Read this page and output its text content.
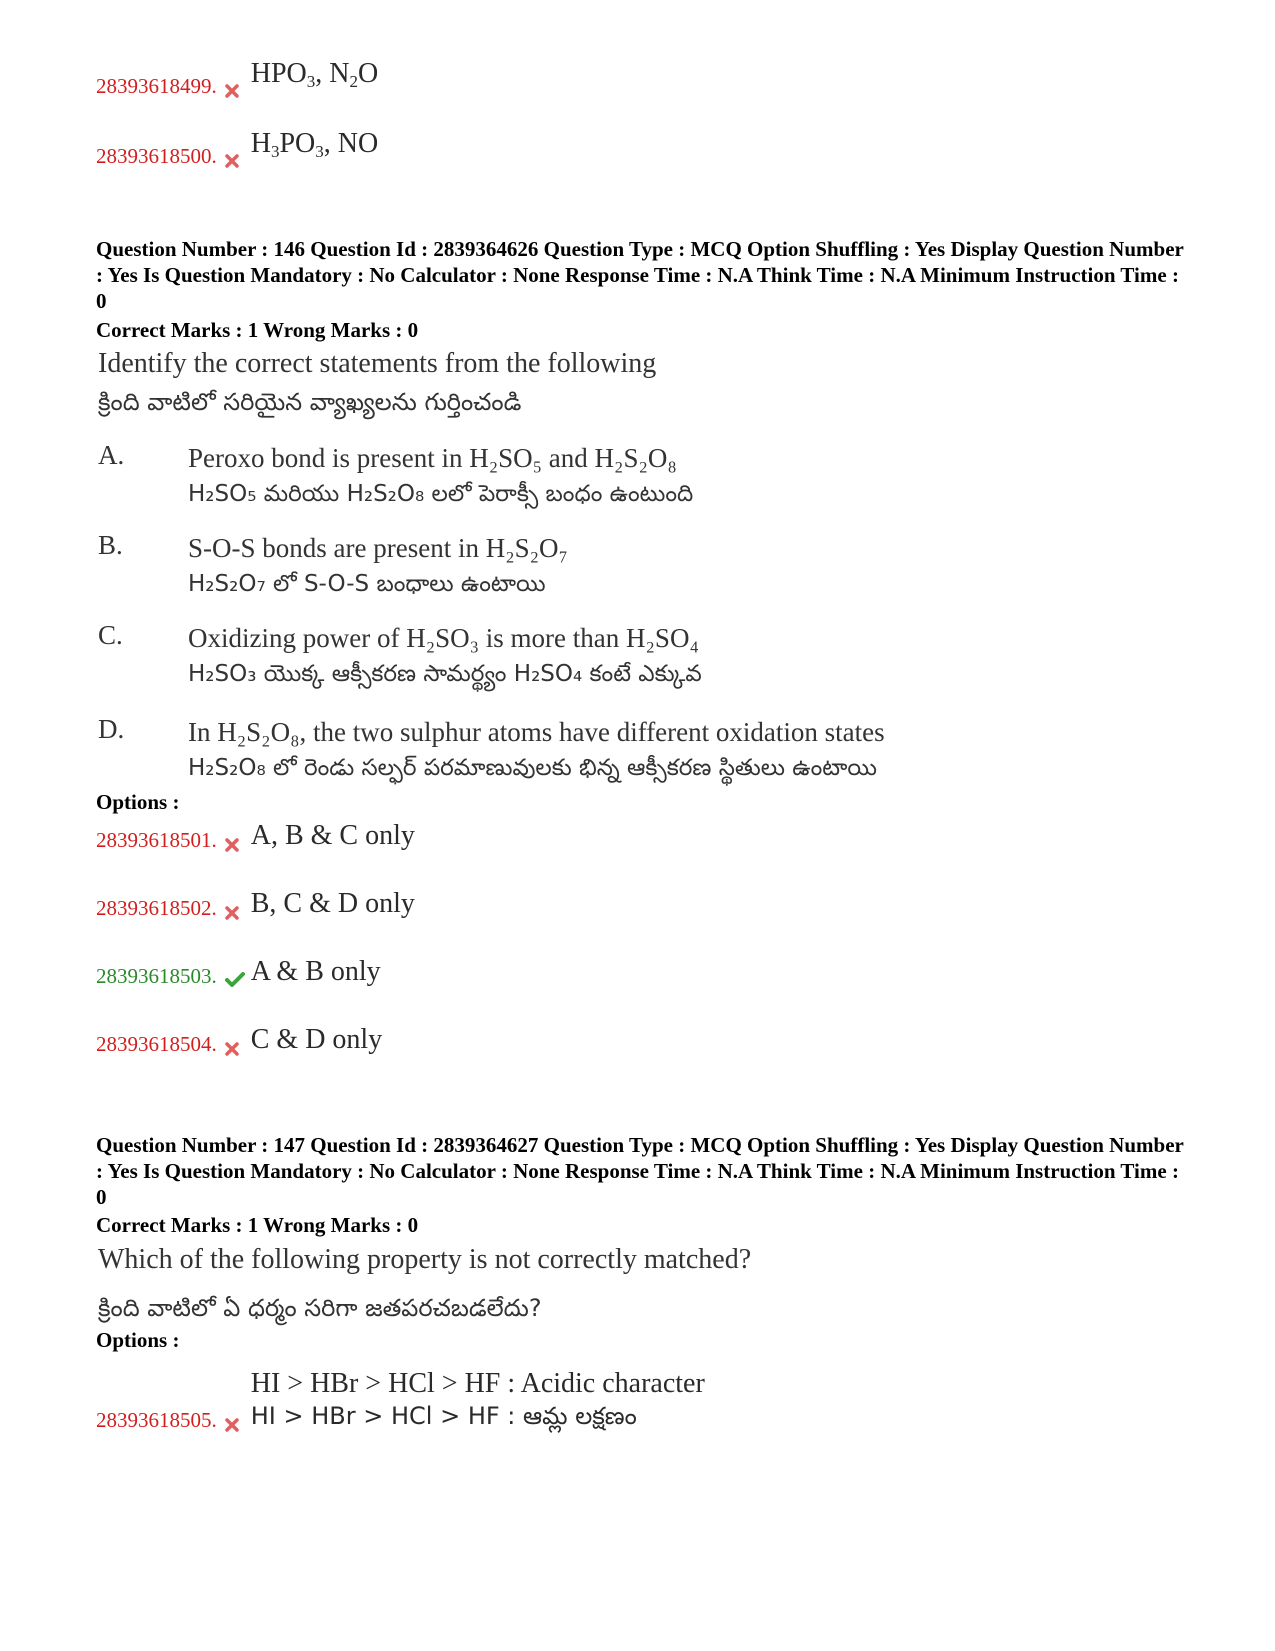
28393618499. $HPO_3$, $N_2O$
28393618500. $H_3PO_3$, NO
Question Number : 146 Question Id : 2839364626 Question Type : MCQ Option Shuffling : Yes Display Question Number : Yes Is Question Mandatory : No Calculator : None Response Time : N.A Think Time : N.A Minimum Instruction Time : 0
Correct Marks : 1 Wrong Marks : 0
Identify the correct statements from the following
క్రింది వాటిలో సరియైన వ్యాఖ్యలను గుర్తించండి
A. Peroxo bond is present in H₂SO₅ and H₂S₂O₈
H₂SO₅ మరియు H₂S₂O₈ లలో పెరాక్సీ బంధం ఉంటుంది
B. S-O-S bonds are present in H₂S₂O₇
H₂S₂O₇ లో S-O-S బంధాలు ఉంటాయి
C. Oxidizing power of H₂SO₃ is more than H₂SO₄
H₂SO₃ యొక్క ఆక్సీకరణ సామర్థ్యం H₂SO₄ కంటే ఎక్కువ
D. In H₂S₂O₈, the two sulphur atoms have different oxidation states
H₂S₂O₈ లో రెండు సల్ఫర్ పరమాణువులకు భిన్న ఆక్సీకరణ స్థితులు ఉంటాయి
Options :
28393618501. A, B & C only
28393618502. B, C & D only
28393618503. A & B only
28393618504. C & D only
Question Number : 147 Question Id : 2839364627 Question Type : MCQ Option Shuffling : Yes Display Question Number : Yes Is Question Mandatory : No Calculator : None Response Time : N.A Think Time : N.A Minimum Instruction Time : 0
Correct Marks : 1 Wrong Marks : 0
Which of the following property is not correctly matched?
క్రింది వాటిలో ఏ ధర్మం సరిగా జతపరచబడలేదు?
Options :
28393618505.
HI > HBr > HCl > HF : Acidic character
HI > HBr > HCl > HF : ఆమ్ల లక్షణం
